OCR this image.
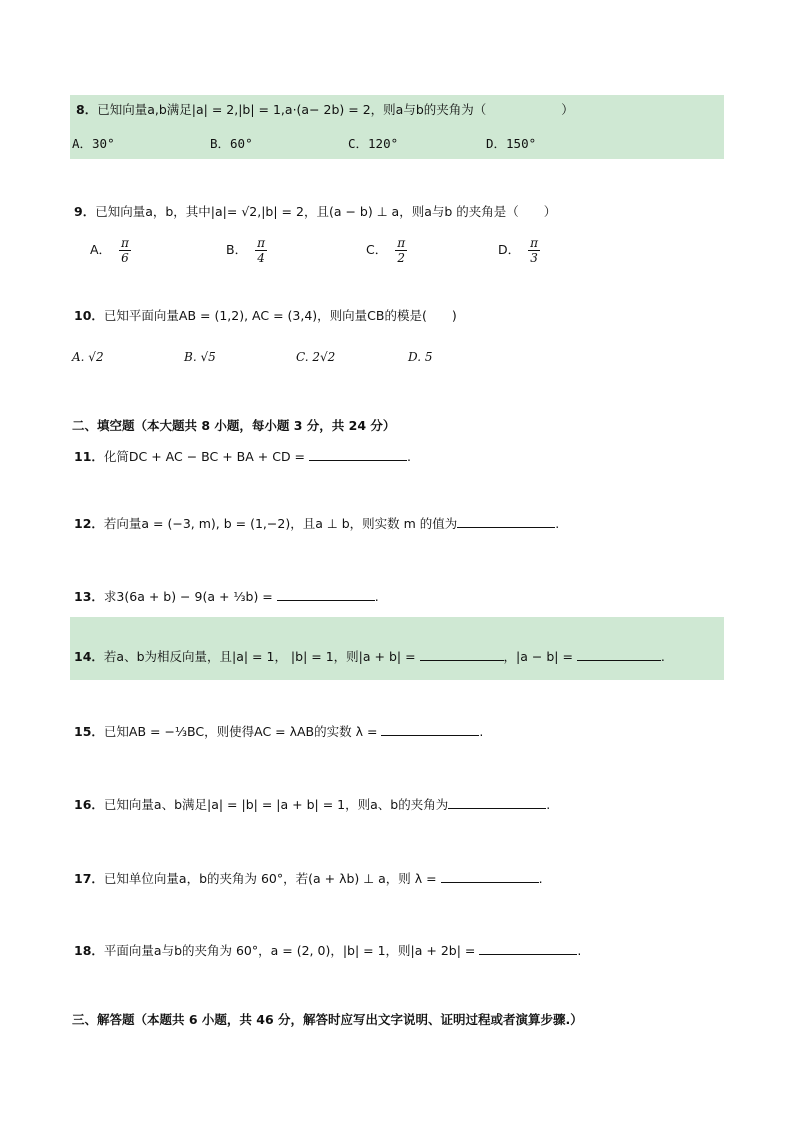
8．已知向量a,b满足|a| = 2,|b| = 1,a·(a− 2b) = 2，则a与b的夹角为（　　　　　　）
A．30°	B．60°	C．120°	D．150°
9．已知向量a，b，其中|a|= √2,|b| = 2，且(a − b) ⊥ a，则a与b 的夹角是（　　）
A． $\frac{\pi}{6}$	B． $\frac{\pi}{4}$	C． $\frac{\pi}{2}$	D． $\frac{\pi}{3}$
10．已知平面向量AB = (1,2), AC = (3,4)，则向量CB的模是(　　)
A. √2	B. √5	C. 2√2	D. 5
二、填空题（本大题共 8 小题，每小题 3 分，共 24 分）
11．化简DC + AC − BC + BA + CD =	.
12．若向量a = (−3, m), b = (1,−2)，且a ⊥ b，则实数 m 的值为	.
13．求3(6a + b) − 9(a + ⅓b) =	.
14．若a、b为相反向量，且|a| = 1， |b| = 1，则|a + b| =	，|a − b| =	.
15．已知AB = −⅓BC，则使得AC = λAB的实数 λ =	.
16．已知向量a、b满足|a| = |b| = |a + b| = 1，则a、b的夹角为	.
17．已知单位向量a，b的夹角为 60°，若(a + λb) ⊥ a，则 λ =	.
18．平面向量a与b的夹角为 60°，a = (2, 0)，|b| = 1，则|a + 2b| =	.
三、解答题（本题共 6 小题，共 46 分，解答时应写出文字说明、证明过程或者演算步骤.）
